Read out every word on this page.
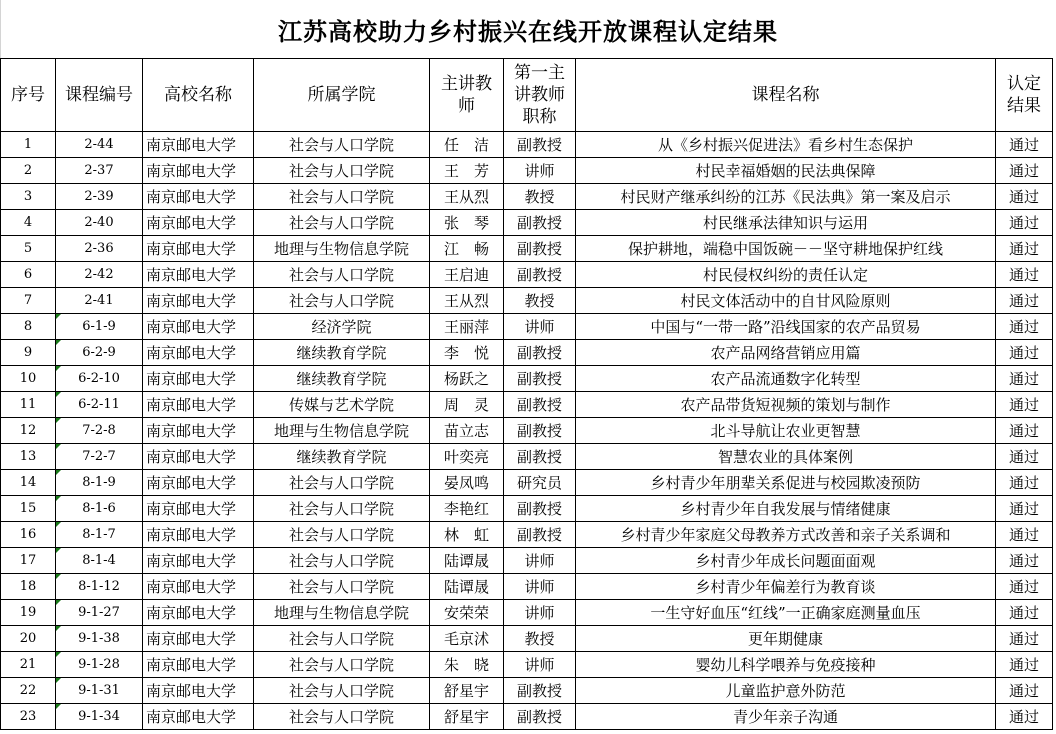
江苏高校助力乡村振兴在线开放课程认定结果
序号	课程编号	高校名称	所属学院	主讲教师	第一主讲教师职称	课程名称	认定结果
1	2-44	南京邮电大学	社会与人口学院	任　洁	副教授	从《乡村振兴促进法》看乡村生态保护	通过
2	2-37	南京邮电大学	社会与人口学院	王　芳	讲师	村民幸福婚姻的民法典保障	通过
3	2-39	南京邮电大学	社会与人口学院	王从烈	教授	村民财产继承纠纷的江苏《民法典》第一案及启示	通过
4	2-40	南京邮电大学	社会与人口学院	张　琴	副教授	村民继承法律知识与运用	通过
5	2-36	南京邮电大学	地理与生物信息学院	江　畅	副教授	保护耕地，端稳中国饭碗－－坚守耕地保护红线	通过
6	2-42	南京邮电大学	社会与人口学院	王启迪	副教授	村民侵权纠纷的责任认定	通过
7	2-41	南京邮电大学	社会与人口学院	王从烈	教授	村民文体活动中的自甘风险原则	通过
8	6-1-9	南京邮电大学	经济学院	王丽萍	讲师	中国与“一带一路”沿线国家的农产品贸易	通过
9	6-2-9	南京邮电大学	继续教育学院	李　悦	副教授	农产品网络营销应用篇	通过
10	6-2-10	南京邮电大学	继续教育学院	杨跃之	副教授	农产品流通数字化转型	通过
11	6-2-11	南京邮电大学	传媒与艺术学院	周　灵	副教授	农产品带货短视频的策划与制作	通过
12	7-2-8	南京邮电大学	地理与生物信息学院	苗立志	副教授	北斗导航让农业更智慧	通过
13	7-2-7	南京邮电大学	继续教育学院	叶奕亮	副教授	智慧农业的具体案例	通过
14	8-1-9	南京邮电大学	社会与人口学院	晏凤鸣	研究员	乡村青少年朋辈关系促进与校园欺凌预防	通过
15	8-1-6	南京邮电大学	社会与人口学院	李艳红	副教授	乡村青少年自我发展与情绪健康	通过
16	8-1-7	南京邮电大学	社会与人口学院	林　虹	副教授	乡村青少年家庭父母教养方式改善和亲子关系调和	通过
17	8-1-4	南京邮电大学	社会与人口学院	陆谭晟	讲师	乡村青少年成长问题面面观	通过
18	8-1-12	南京邮电大学	社会与人口学院	陆谭晟	讲师	乡村青少年偏差行为教育谈	通过
19	9-1-27	南京邮电大学	地理与生物信息学院	安荣荣	讲师	一生守好血压“红线”一正确家庭测量血压	通过
20	9-1-38	南京邮电大学	社会与人口学院	毛京沭	教授	更年期健康	通过
21	9-1-28	南京邮电大学	社会与人口学院	朱　晓	讲师	婴幼儿科学喂养与免疫接种	通过
22	9-1-31	南京邮电大学	社会与人口学院	舒星宇	副教授	儿童监护意外防范	通过
23	9-1-34	南京邮电大学	社会与人口学院	舒星宇	副教授	青少年亲子沟通	通过
